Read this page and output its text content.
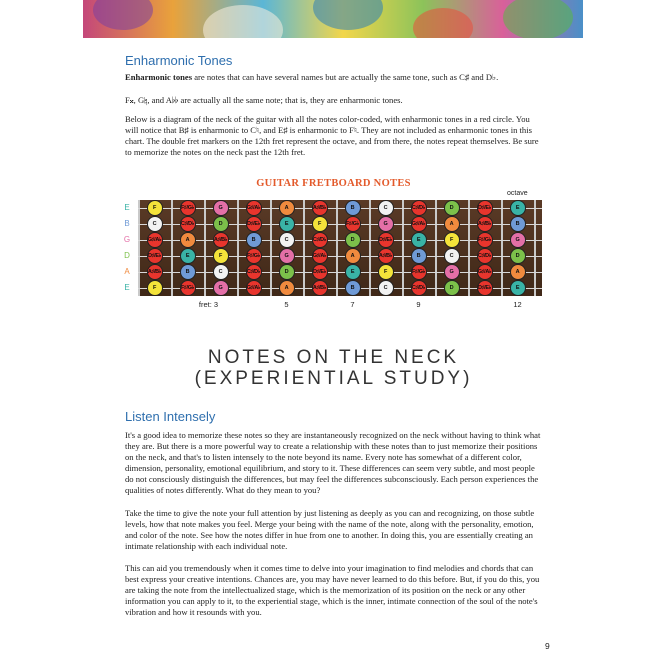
Enharmonic Tones

Enharmonic tones are notes that can have several names but are actually the same tone, such as C♯ and D♭.

F𝄪, G♮, and A♭♭ are actually all the same note; that is, they are enharmonic tones.

Below is a diagram of the neck of the guitar with all the notes color-coded, with enharmonic tones in a red circle. You will notice that B♯ is enharmonic to C♮, and E♯ is enharmonic to F♮. They are not included as enharmonic tones in this chart. The double fret markers on the 12th fret represent the octave, and from there, the notes repeat themselves. Be sure to memorize the notes on the neck past the 12th fret.

GUITAR FRETBOARD NOTES
octave
E
B
G
D
A
E
F	F♯/G♭	G	G♯/A♭	A	A♯/B♭	B	C	C♯/D♭	D	D♯/E♭	E
C	C♯/D♭	D	D♯/E♭	E	F	F♯/G♭	G	G♯/A♭	A	A♯/B♭	B
G♯/A♭	A	A♯/B♭	B	C	C♯/D♭	D	D♯/E♭	E	F	F♯/G♭	G
D♯/E♭	E	F	F♯/G♭	G	G♯/A♭	A	A♯/B♭	B	C	C♯/D♭	D
A♯/B♭	B	C	C♯/D♭	D	D♯/E♭	E	F	F♯/G♭	G	G♯/A♭	A
F	F♯/G♭	G	G♯/A♭	A	A♯/B♭	B	C	C♯/D♭	D	D♯/E♭	E
fret: 3	5	7	9	12
NOTES ON THE NECK
(EXPERIENTIAL STUDY)
Listen Intensely

It's a good idea to memorize these notes so they are instantaneously recognized on the neck without having to think what they are. But there is a more powerful way to create a relationship with these notes than to just memorize their positions on the neck, and that's to listen intensely to the note beyond its name. Every note has somewhat of a different color, dimension, personality, emotional equilibrium, and story to it. These differences can seem very subtle, and most people do not consciously distinguish the differences, but may feel the differences subconsciously. Each person experiences the qualities of notes differently. What do they mean to you?

Take the time to give the note your full attention by just listening as deeply as you can and recognizing, on those subtle levels, how that note makes you feel. Merge your being with the name of the note, along with the personality, emotion, and color of the note. See how the notes differ in hue from one to another. In doing this, you are essentially creating an intimate relationship with each individual note.

This can aid you tremendously when it comes time to delve into your imagination to find melodies and chords that can best express your creative intentions. Chances are, you may have never learned to do this before. But, if you do this, you are taking the note from the intellectualized stage, which is the memorization of its position on the neck or any other information you can apply to it, to the experiential stage, which is the inner, intimate connection of the soul of the note's vibration and how it resounds with you.

9
